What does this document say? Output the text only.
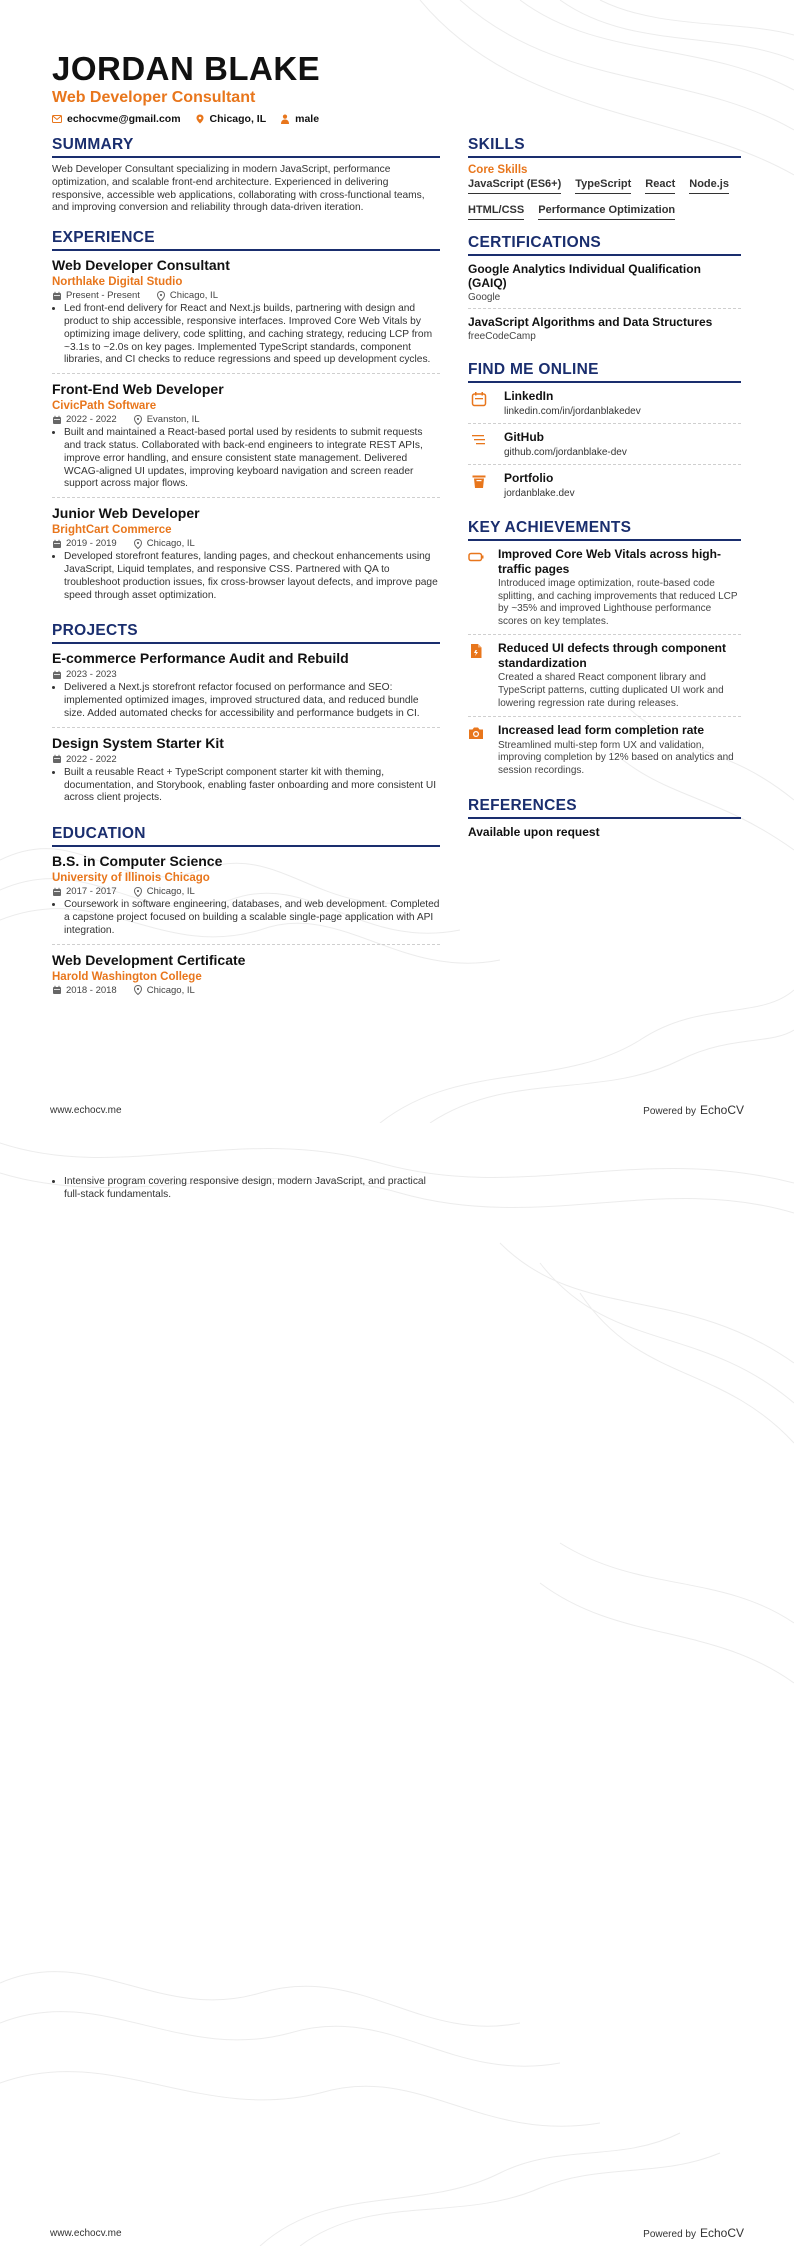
JORDAN BLAKE
Web Developer Consultant
echocvme@gmail.com	Chicago, IL	male
SUMMARY
Web Developer Consultant specializing in modern JavaScript, performance optimization, and scalable front-end architecture. Experienced in delivering responsive, accessible web applications, collaborating with cross-functional teams, and improving conversion and reliability through data-driven iteration.
EXPERIENCE
Web Developer Consultant
Northlake Digital Studio
Present - Present	Chicago, IL
• Led front-end delivery for React and Next.js builds, partnering with design and product to ship accessible, responsive interfaces. Improved Core Web Vitals by optimizing image delivery, code splitting, and caching strategy, reducing LCP from ~3.1s to ~2.0s on key pages. Implemented TypeScript standards, component libraries, and CI checks to reduce regressions and speed up development cycles.
Front-End Web Developer
CivicPath Software
2022 - 2022	Evanston, IL
• Built and maintained a React-based portal used by residents to submit requests and track status. Collaborated with back-end engineers to integrate REST APIs, improve error handling, and ensure consistent state management. Delivered WCAG-aligned UI updates, improving keyboard navigation and screen reader support across major flows.
Junior Web Developer
BrightCart Commerce
2019 - 2019	Chicago, IL
• Developed storefront features, landing pages, and checkout enhancements using JavaScript, Liquid templates, and responsive CSS. Partnered with QA to troubleshoot production issues, fix cross-browser layout defects, and improve page speed through asset optimization.
PROJECTS
E-commerce Performance Audit and Rebuild
2023 - 2023
• Delivered a Next.js storefront refactor focused on performance and SEO: implemented optimized images, improved structured data, and reduced bundle size. Added automated checks for accessibility and performance budgets in CI.
Design System Starter Kit
2022 - 2022
• Built a reusable React + TypeScript component starter kit with theming, documentation, and Storybook, enabling faster onboarding and more consistent UI across client projects.
EDUCATION
B.S. in Computer Science
University of Illinois Chicago
2017 - 2017	Chicago, IL
• Coursework in software engineering, databases, and web development. Completed a capstone project focused on building a scalable single-page application with API integration.
Web Development Certificate
Harold Washington College
2018 - 2018	Chicago, IL
SKILLS
Core Skills
JavaScript (ES6+) TypeScript React Node.js
HTML/CSS Performance Optimization
CERTIFICATIONS
Google Analytics Individual Qualification (GAIQ)
Google
JavaScript Algorithms and Data Structures
freeCodeCamp
FIND ME ONLINE
LinkedIn
linkedin.com/in/jordanblakedev
GitHub
github.com/jordanblake-dev
Portfolio
jordanblake.dev
KEY ACHIEVEMENTS
Improved Core Web Vitals across high-traffic pages
Introduced image optimization, route-based code splitting, and caching improvements that reduced LCP by ~35% and improved Lighthouse performance scores on key templates.
Reduced UI defects through component standardization
Created a shared React component library and TypeScript patterns, cutting duplicated UI work and lowering regression rate during releases.
Increased lead form completion rate
Streamlined multi-step form UX and validation, improving completion by 12% based on analytics and session recordings.
REFERENCES
Available upon request
www.echocv.me	Powered by EchoCV
• Intensive program covering responsive design, modern JavaScript, and practical full-stack fundamentals.
www.echocv.me	Powered by EchoCV
